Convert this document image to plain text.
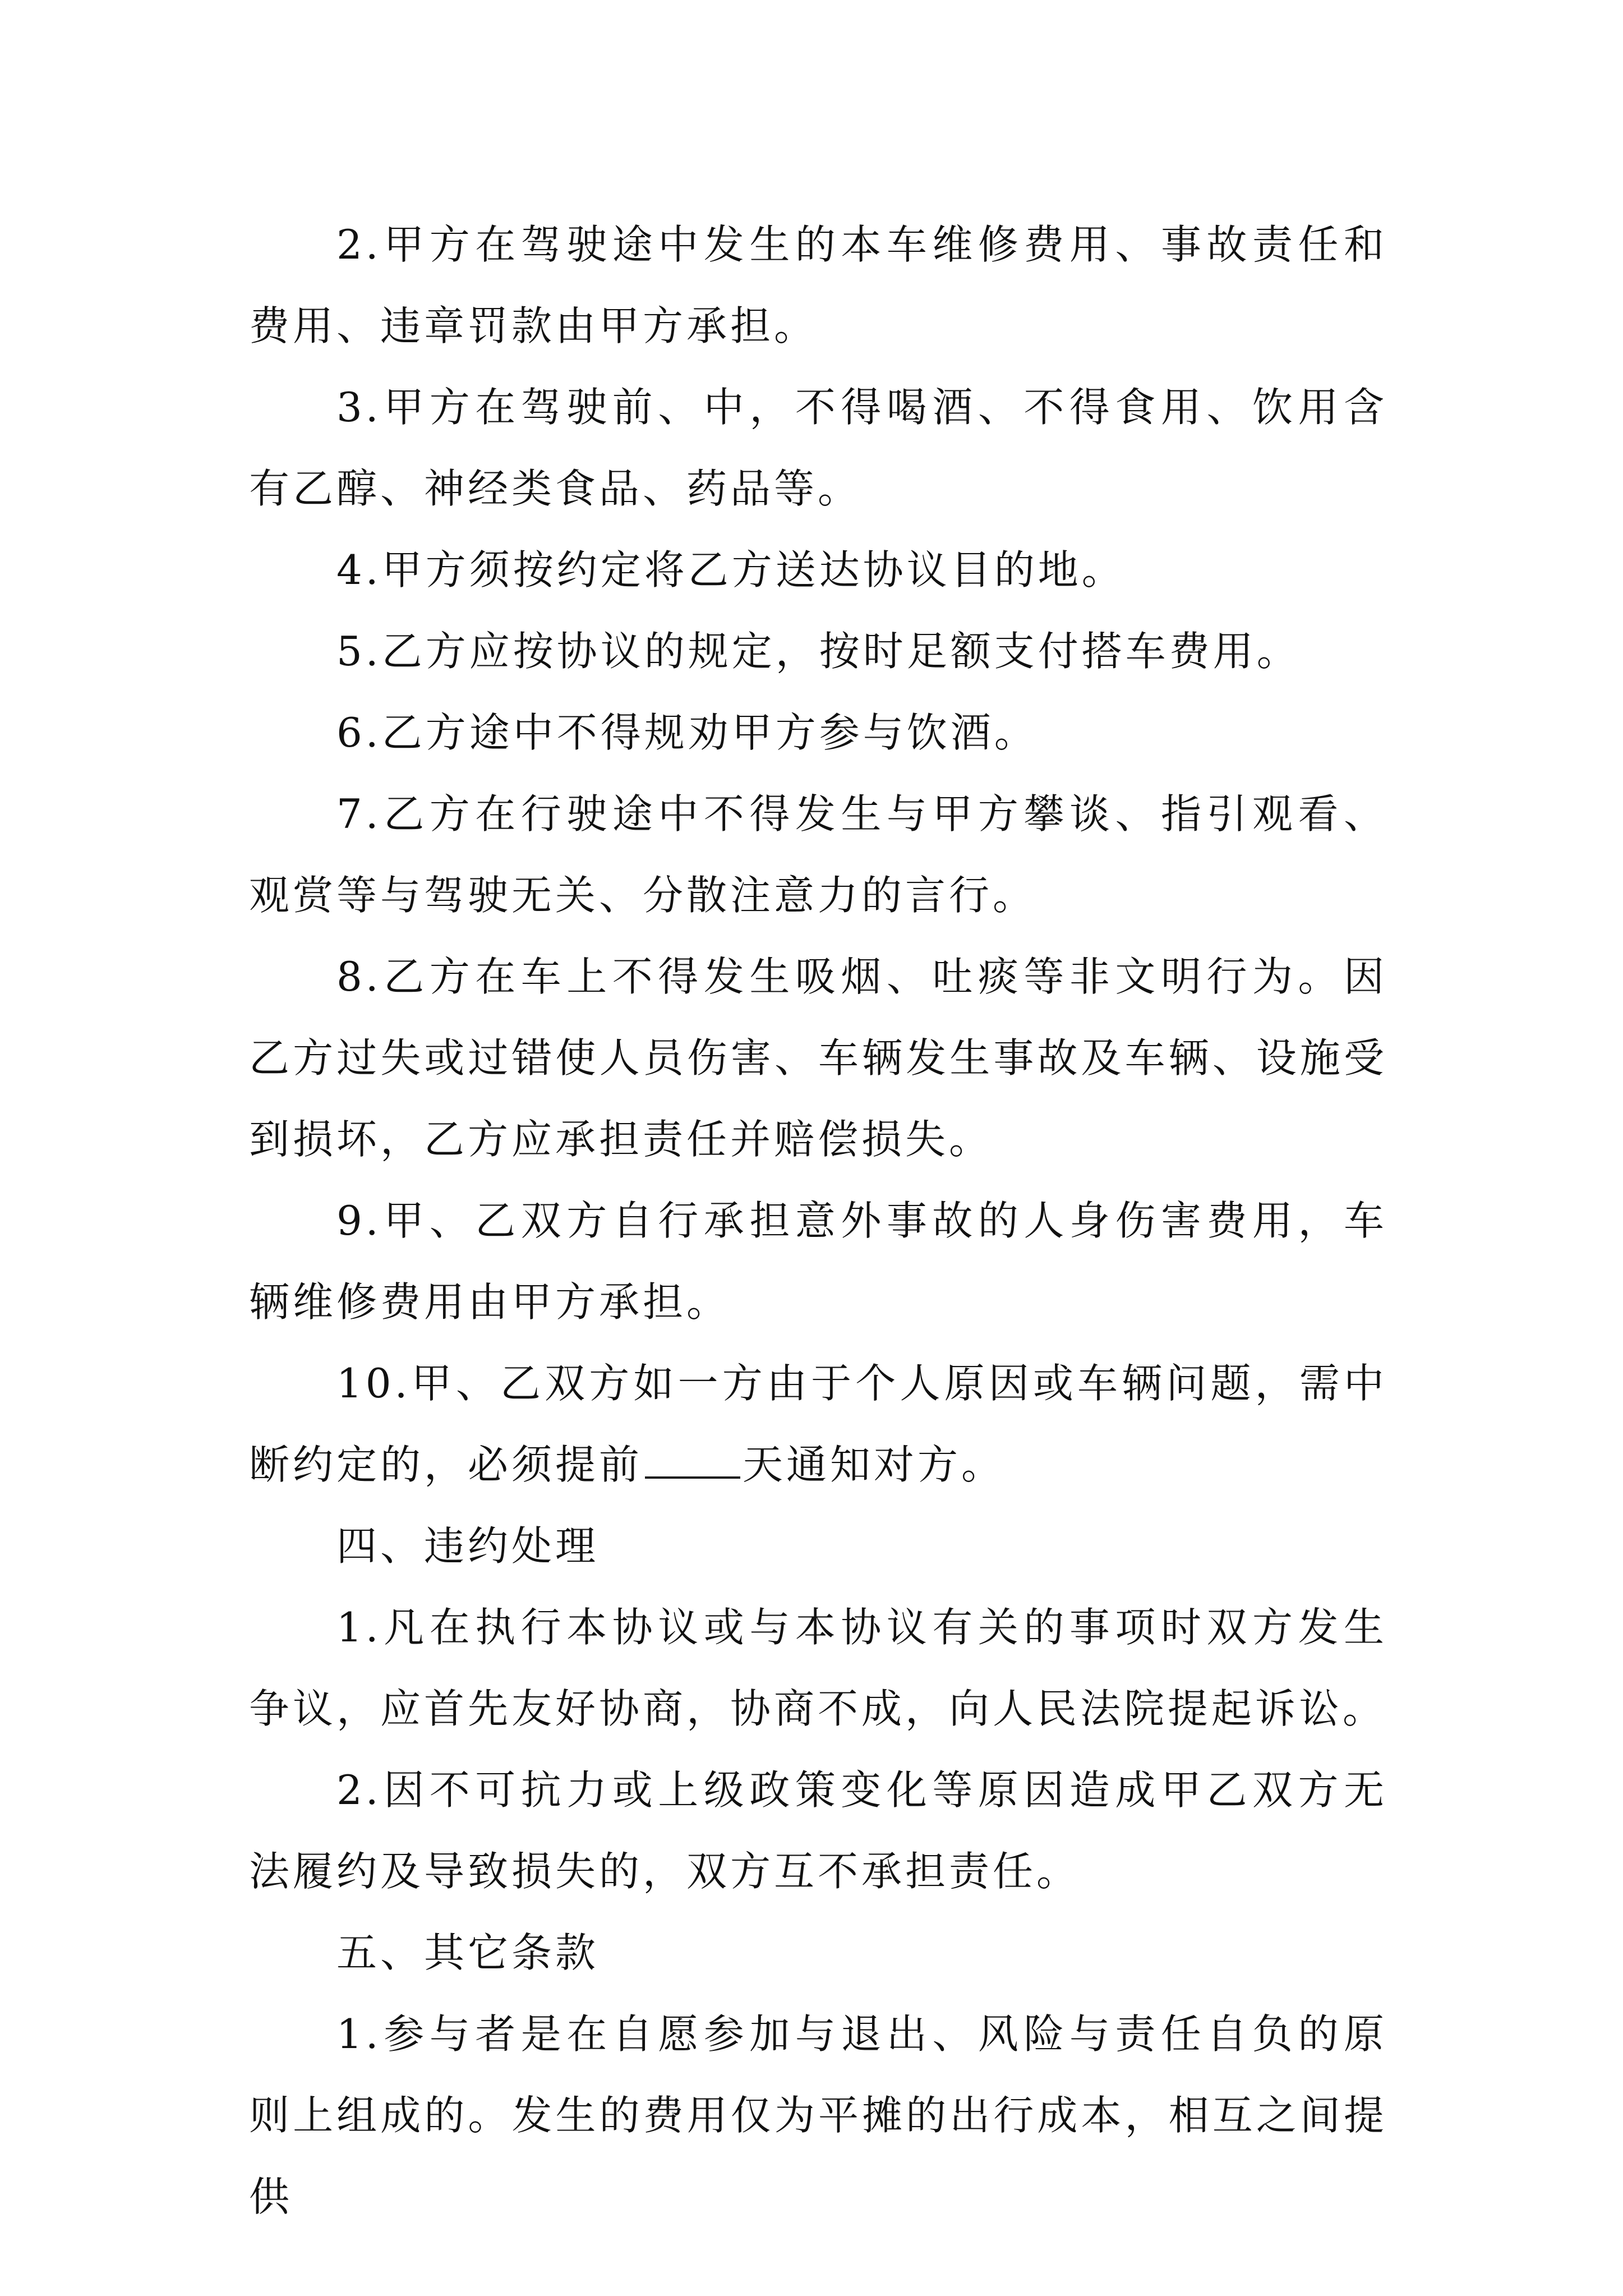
2.甲方在驾驶途中发生的本车维修费用、事故责任和费用、违章罚款由甲方承担。

3.甲方在驾驶前、中，不得喝酒、不得食用、饮用含有乙醇、神经类食品、药品等。

4.甲方须按约定将乙方送达协议目的地。

5.乙方应按协议的规定，按时足额支付搭车费用。

6.乙方途中不得规劝甲方参与饮酒。

7.乙方在行驶途中不得发生与甲方攀谈、指引观看、观赏等与驾驶无关、分散注意力的言行。

8.乙方在车上不得发生吸烟、吐痰等非文明行为。因乙方过失或过错使人员伤害、车辆发生事故及车辆、设施受到损坏，乙方应承担责任并赔偿损失。

9.甲、乙双方自行承担意外事故的人身伤害费用，车辆维修费用由甲方承担。

10.甲、乙双方如一方由于个人原因或车辆问题，需中断约定的，必须提前 天通知对方。

四、违约处理

1.凡在执行本协议或与本协议有关的事项时双方发生争议，应首先友好协商，协商不成，向人民法院提起诉讼。

2.因不可抗力或上级政策变化等原因造成甲乙双方无法履约及导致损失的，双方互不承担责任。

五、其它条款

1.参与者是在自愿参加与退出、风险与责任自负的原则上组成的。发生的费用仅为平摊的出行成本，相互之间提供
